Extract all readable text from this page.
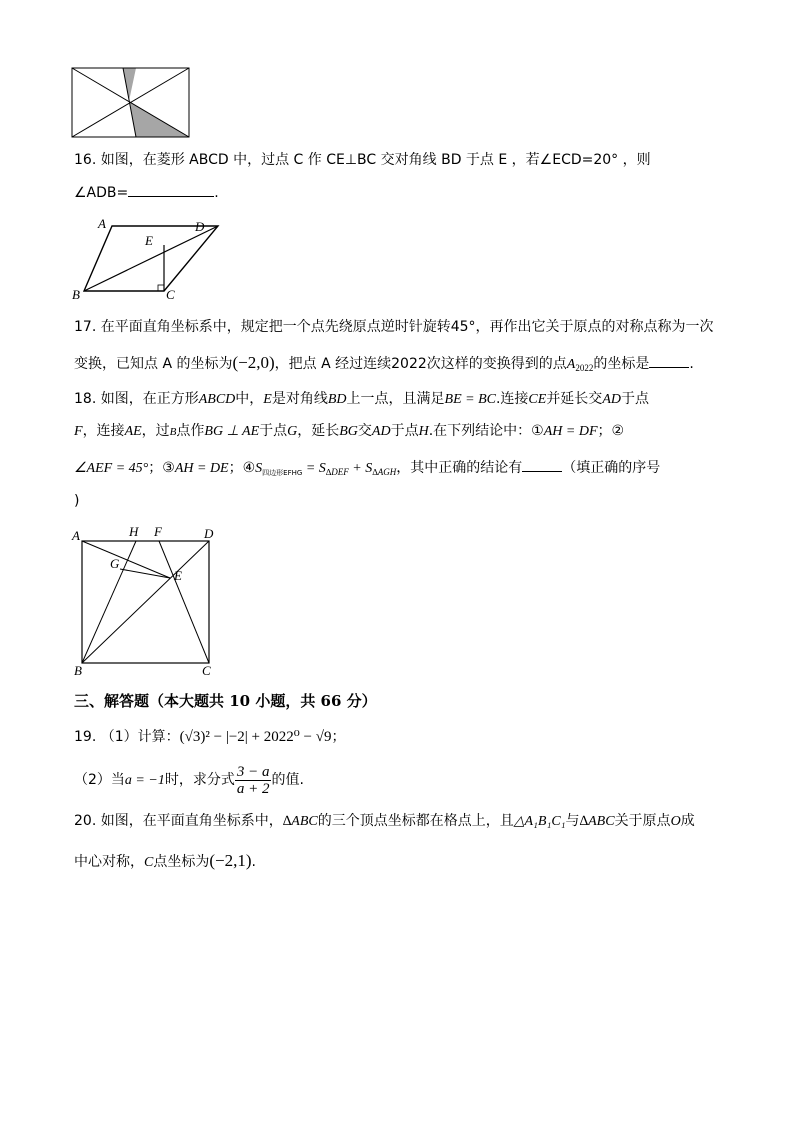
16. 如图，在菱形 ABCD 中，过点 C 作 CE⊥BC 交对角线 BD 于点 E ，若∠ECD=20° ，则
∠ADB=	.
A	D
E
B	C
17. 在平面直角坐标系中，规定把一个点先绕原点逆时针旋转45°，再作出它关于原点的对称点称为一次
变换，已知点 A 的坐标为(−2,0)，把点 A 经过连续2022次这样的变换得到的点$A_{2022}$的坐标是	.
18. 如图，在正方形ABCD中，E是对角线BD上一点，且满足BE = BC.连接CE并延长交AD于点
F，连接AE，过B点作BG ⊥ AE于点G，延长BG交AD于点H.在下列结论中：①AH = DF；②
∠AEF = 45°；③AH = DE；$④S_{四边形EFHG} = S_{\Delta DEF} + S_{\Delta AGH}$，其中正确的结论有	（填正确的序号
)
A	H F	D
G
E
B	C
三、解答题（本大题共 10 小题，共 66 分）
19. （1）计算：(√3)² − |−2| + 2022⁰ − √9；
（2）当a = −1时，求分式 $\frac{3 - a}{a + 2}$ 的值.
20. 如图，在平面直角坐标系中，∆ABC的三个顶点坐标都在格点上，且△A₁B₁C₁与∆ABC关于原点O成
中心对称，C点坐标为(−2,1).
